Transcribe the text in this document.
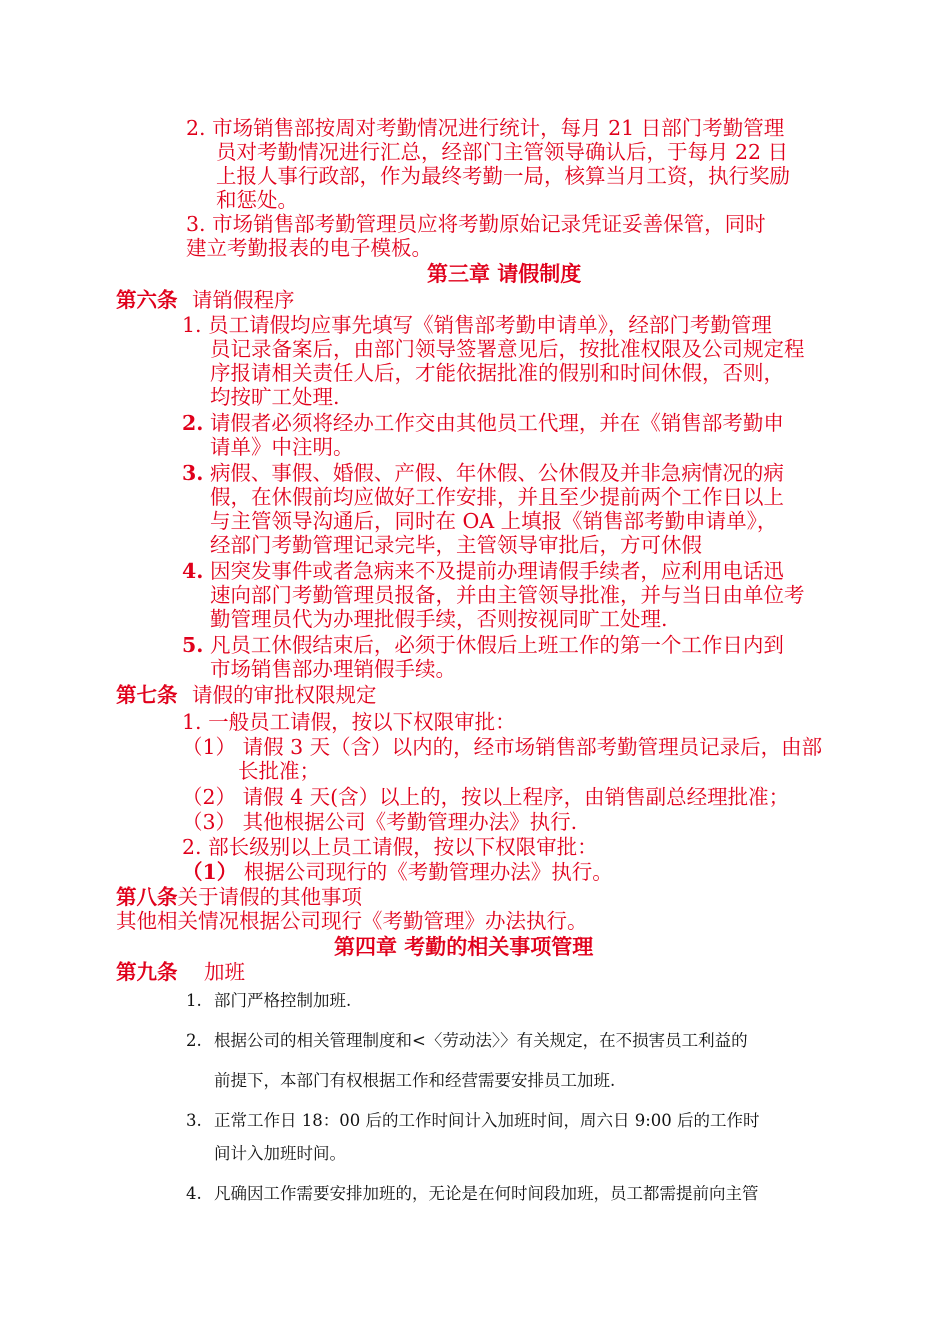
2. 市场销售部按周对考勤情况进行统计，每月 21 日部门考勤管理
员对考勤情况进行汇总，经部门主管领导确认后，于每月 22 日
上报人事行政部，作为最终考勤一局，核算当月工资，执行奖励
和惩处。
3. 市场销售部考勤管理员应将考勤原始记录凭证妥善保管，同时
建立考勤报表的电子模板。
第三章 请假制度
第六条 请销假程序
1. 员工请假均应事先填写《销售部考勤申请单》，经部门考勤管理
员记录备案后，由部门领导签署意见后，按批准权限及公司规定程
序报请相关责任人后，才能依据批准的假别和时间休假，否则，
均按旷工处理.
2. 请假者必须将经办工作交由其他员工代理，并在《销售部考勤申
请单》中注明。
3. 病假、事假、婚假、产假、年休假、公休假及并非急病情况的病
假，在休假前均应做好工作安排，并且至少提前两个工作日以上
与主管领导沟通后，同时在 OA 上填报《销售部考勤申请单》，
经部门考勤管理记录完毕，主管领导审批后，方可休假
4. 因突发事件或者急病来不及提前办理请假手续者，应利用电话迅
速向部门考勤管理员报备，并由主管领导批准，并与当日由单位考
勤管理员代为办理批假手续，否则按视同旷工处理.
5. 凡员工休假结束后，必须于休假后上班工作的第一个工作日内到
市场销售部办理销假手续。
第七条 请假的审批权限规定
1. 一般员工请假，按以下权限审批：
（1） 请假 3 天（含）以内的，经市场销售部考勤管理员记录后，由部
长批准；
（2） 请假 4 天(含）以上的，按以上程序，由销售副总经理批准；
（3） 其他根据公司《考勤管理办法》执行.
2. 部长级别以上员工请假，按以下权限审批：
（1） 根据公司现行的《考勤管理办法》执行。
第八条关于请假的其他事项
其他相关情况根据公司现行《考勤管理》办法执行。
第四章 考勤的相关事项管理
第九条 加班
1. 部门严格控制加班.
2. 根据公司的相关管理制度和<〈劳动法〉〉有关规定，在不损害员工利益的
前提下，本部门有权根据工作和经营需要安排员工加班.
3. 正常工作日 18：00 后的工作时间计入加班时间，周六日 9:00 后的工作时
间计入加班时间。
4. 凡确因工作需要安排加班的，无论是在何时间段加班，员工都需提前向主管
